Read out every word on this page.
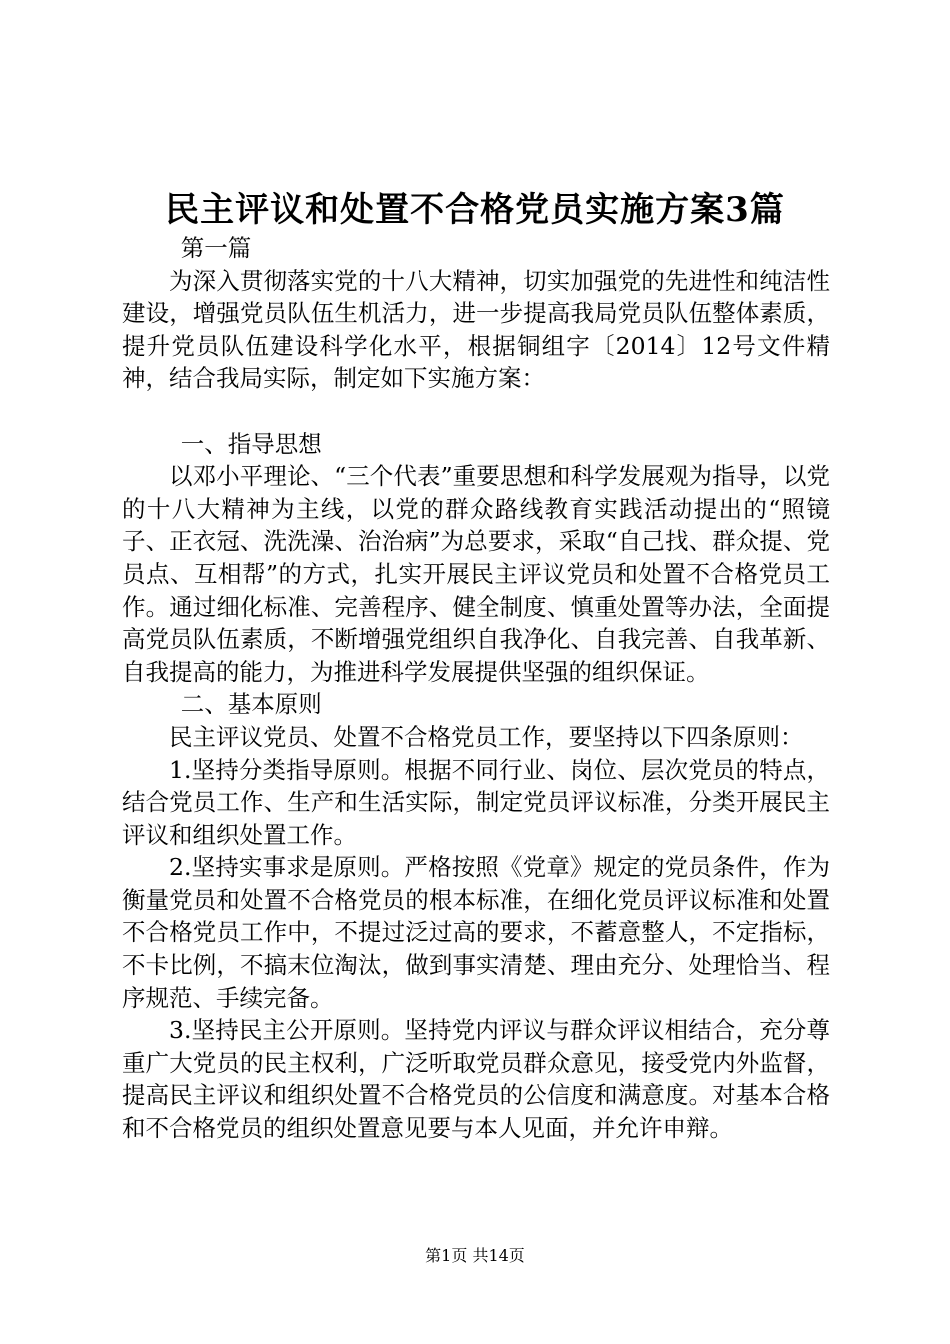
民主评议和处置不合格党员实施方案3篇

第一篇

为深入贯彻落实党的十八大精神，切实加强党的先进性和纯洁性建设，增强党员队伍生机活力，进一步提高我局党员队伍整体素质，提升党员队伍建设科学化水平，根据铜组字〔2014〕12号文件精神，结合我局实际，制定如下实施方案：

一、指导思想

以邓小平理论、“三个代表”重要思想和科学发展观为指导，以党的十八大精神为主线，以党的群众路线教育实践活动提出的“照镜子、正衣冠、洗洗澡、治治病”为总要求，采取“自己找、群众提、党员点、互相帮”的方式，扎实开展民主评议党员和处置不合格党员工作。通过细化标准、完善程序、健全制度、慎重处置等办法，全面提高党员队伍素质，不断增强党组织自我净化、自我完善、自我革新、自我提高的能力，为推进科学发展提供坚强的组织保证。

二、基本原则

民主评议党员、处置不合格党员工作，要坚持以下四条原则：

1.坚持分类指导原则。根据不同行业、岗位、层次党员的特点，结合党员工作、生产和生活实际，制定党员评议标准，分类开展民主评议和组织处置工作。

2.坚持实事求是原则。严格按照《党章》规定的党员条件，作为衡量党员和处置不合格党员的根本标准，在细化党员评议标准和处置不合格党员工作中，不提过泛过高的要求，不蓄意整人，不定指标，不卡比例，不搞末位淘汰，做到事实清楚、理由充分、处理恰当、程序规范、手续完备。

3.坚持民主公开原则。坚持党内评议与群众评议相结合，充分尊重广大党员的民主权利，广泛听取党员群众意见，接受党内外监督，提高民主评议和组织处置不合格党员的公信度和满意度。对基本合格和不合格党员的组织处置意见要与本人见面，并允许申辩。

第1页 共14页
